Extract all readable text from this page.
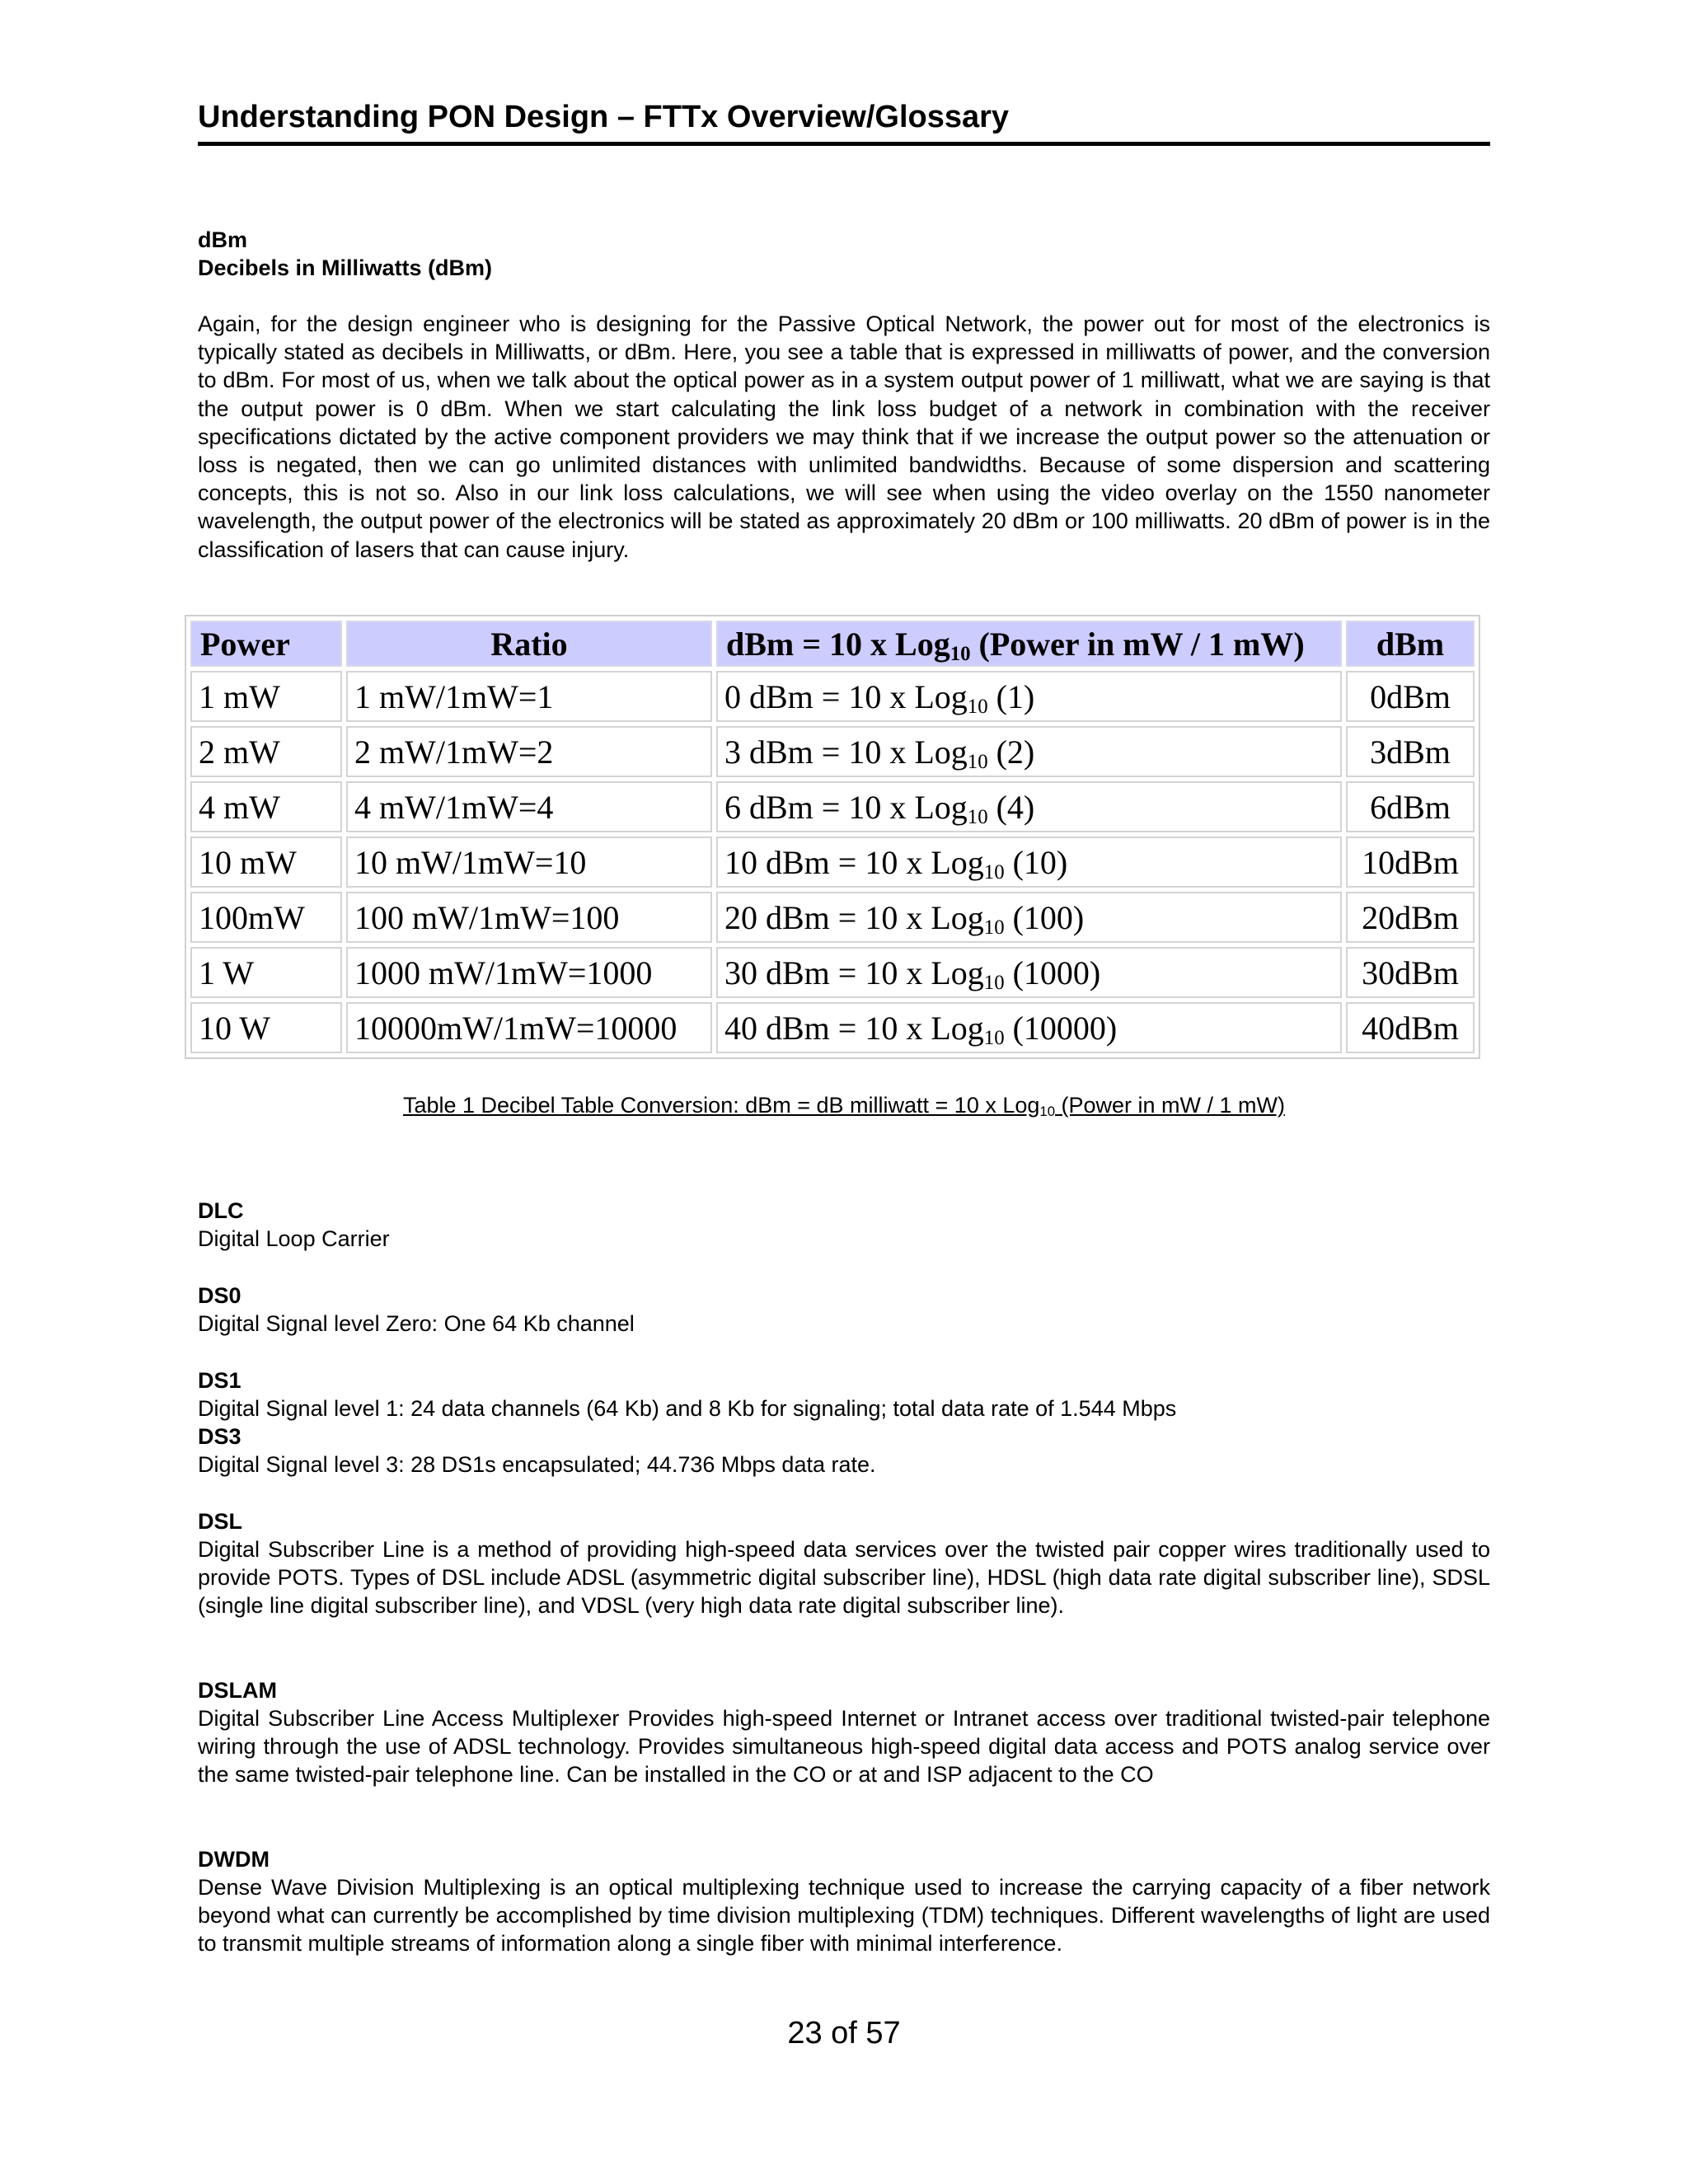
Understanding PON Design – FTTx Overview/Glossary

dBm

Decibels in Milliwatts (dBm)

Again, for the design engineer who is designing for the Passive Optical Network, the power out for most of the electronics is typically stated as decibels in Milliwatts, or dBm. Here, you see a table that is expressed in milliwatts of power, and the conversion to dBm. For most of us, when we talk about the optical power as in a system output power of 1 milliwatt, what we are saying is that the output power is 0 dBm. When we start calculating the link loss budget of a network in combination with the receiver specifications dictated by the active component providers we may think that if we increase the output power so the attenuation or loss is negated, then we can go unlimited distances with unlimited bandwidths. Because of some dispersion and scattering concepts, this is not so. Also in our link loss calculations, we will see when using the video overlay on the 1550 nanometer wavelength, the output power of the electronics will be stated as approximately 20 dBm or 100 milliwatts. 20 dBm of power is in the classification of lasers that can cause injury.

Power	Ratio	dBm = 10 x Log$_{10}$ (Power in mW / 1 mW)	dBm
1 mW	1 mW/1mW=1	0 dBm = 10 x Log$_{10}$ (1)	0dBm
2 mW	2 mW/1mW=2	3 dBm = 10 x Log$_{10}$ (2)	3dBm
4 mW	4 mW/1mW=4	6 dBm = 10 x Log$_{10}$ (4)	6dBm
10 mW	10 mW/1mW=10	10 dBm = 10 x Log$_{10}$ (10)	10dBm
100mW	100 mW/1mW=100	20 dBm = 10 x Log$_{10}$ (100)	20dBm
1 W	1000 mW/1mW=1000	30 dBm = 10 x Log$_{10}$ (1000)	30dBm
10 W	10000mW/1mW=10000	40 dBm = 10 x Log$_{10}$ (10000)	40dBm
Table 1 Decibel Table Conversion: dBm = dB milliwatt = 10 x Log$_{10}$ (Power in mW / 1 mW)

DLC

Digital Loop Carrier

DS0

Digital Signal level Zero: One 64 Kb channel

DS1

Digital Signal level 1: 24 data channels (64 Kb) and 8 Kb for signaling; total data rate of 1.544 Mbps

DS3

Digital Signal level 3: 28 DS1s encapsulated; 44.736 Mbps data rate.

DSL

Digital Subscriber Line is a method of providing high-speed data services over the twisted pair copper wires traditionally used to provide POTS. Types of DSL include ADSL (asymmetric digital subscriber line), HDSL (high data rate digital subscriber line), SDSL (single line digital subscriber line), and VDSL (very high data rate digital subscriber line).

DSLAM

Digital Subscriber Line Access Multiplexer Provides high-speed Internet or Intranet access over traditional twisted-pair telephone wiring through the use of ADSL technology. Provides simultaneous high-speed digital data access and POTS analog service over the same twisted-pair telephone line. Can be installed in the CO or at and ISP adjacent to the CO

DWDM

Dense Wave Division Multiplexing is an optical multiplexing technique used to increase the carrying capacity of a fiber network beyond what can currently be accomplished by time division multiplexing (TDM) techniques. Different wavelengths of light are used to transmit multiple streams of information along a single fiber with minimal interference.

23 of 57
